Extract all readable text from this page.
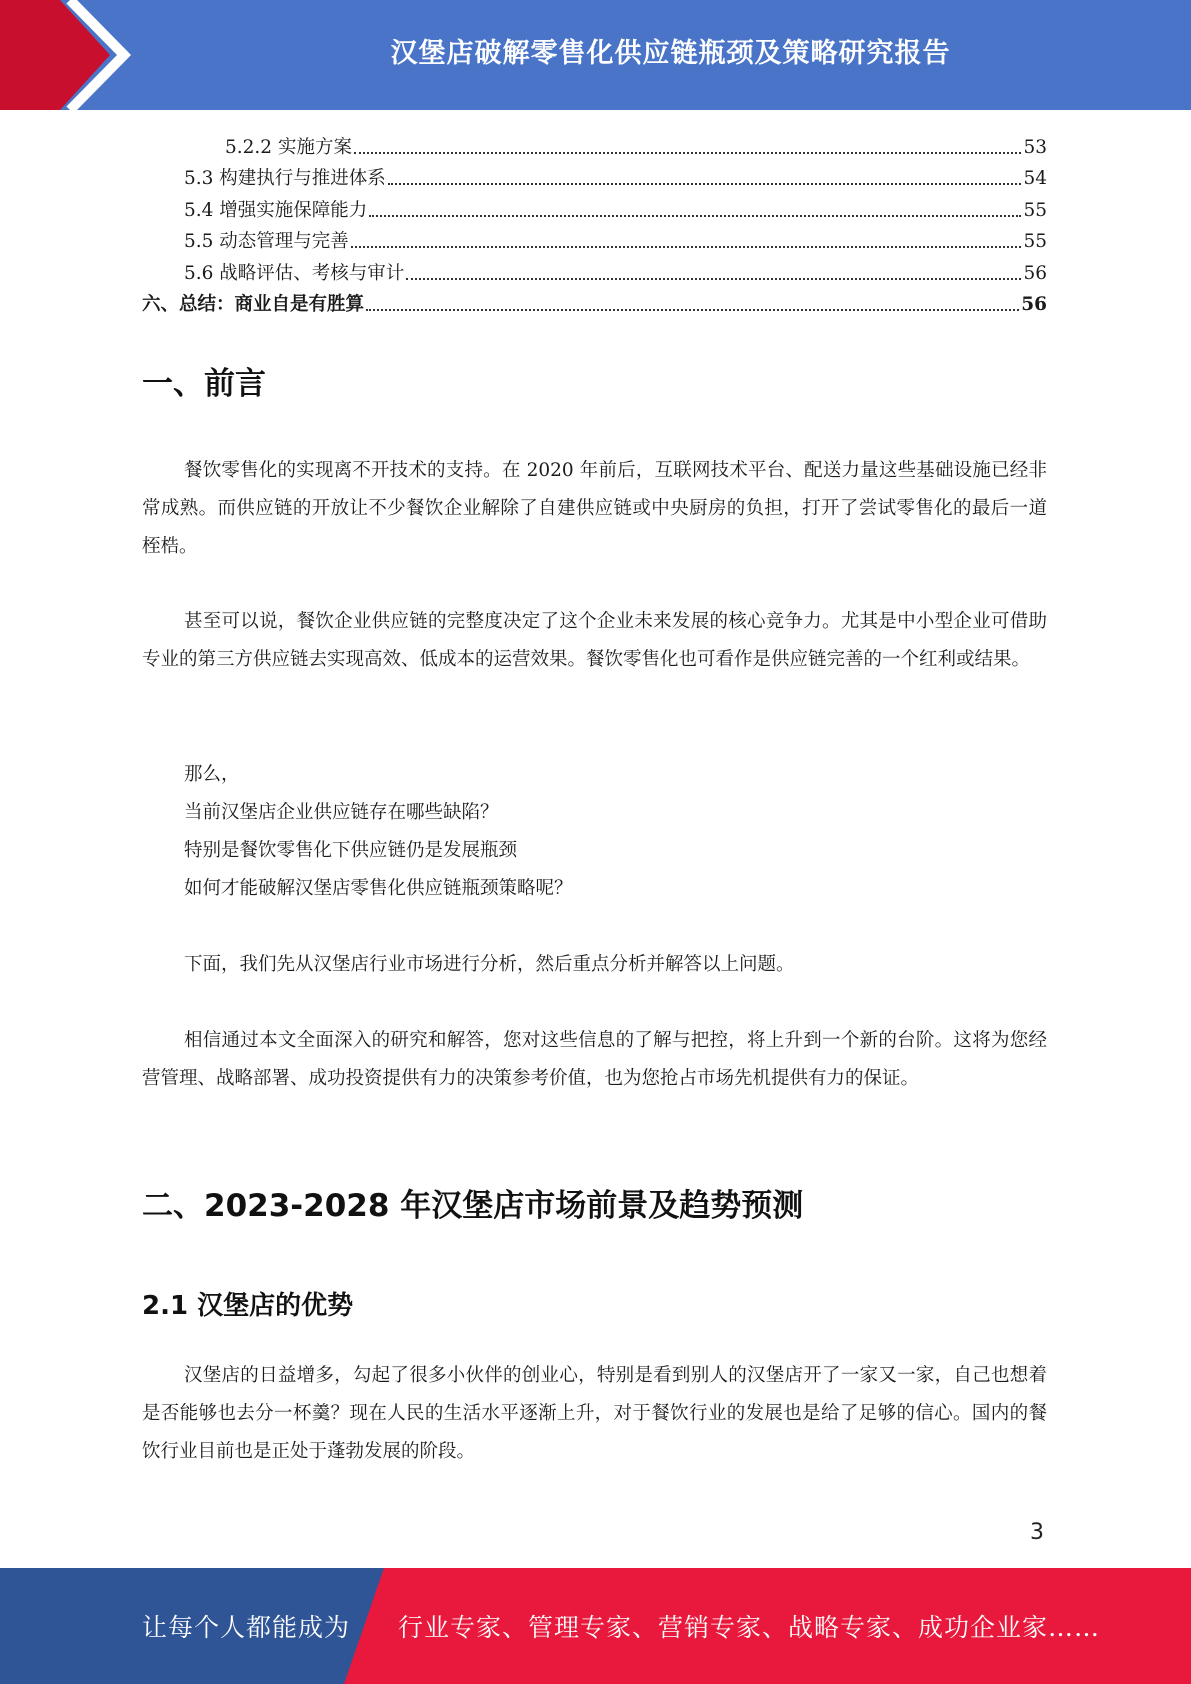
汉堡店破解零售化供应链瓶颈及策略研究报告
5.2.2 实施方案	53
5.3 构建执行与推进体系	54
5.4 增强实施保障能力	55
5.5 动态管理与完善	55
5.6 战略评估、考核与审计	56
六、总结：商业自是有胜算	56
一、前言

餐饮零售化的实现离不开技术的支持。在 2020 年前后，互联网技术平台、配送力量这些基础设施已经非常成熟。而供应链的开放让不少餐饮企业解除了自建供应链或中央厨房的负担，打开了尝试零售化的最后一道桎梏。

甚至可以说，餐饮企业供应链的完整度决定了这个企业未来发展的核心竞争力。尤其是中小型企业可借助专业的第三方供应链去实现高效、低成本的运营效果。餐饮零售化也可看作是供应链完善的一个红利或结果。

那么，
当前汉堡店企业供应链存在哪些缺陷？
特别是餐饮零售化下供应链仍是发展瓶颈
如何才能破解汉堡店零售化供应链瓶颈策略呢？

下面，我们先从汉堡店行业市场进行分析，然后重点分析并解答以上问题。

相信通过本文全面深入的研究和解答，您对这些信息的了解与把控，将上升到一个新的台阶。这将为您经营管理、战略部署、成功投资提供有力的决策参考价值，也为您抢占市场先机提供有力的保证。

二、2023-2028 年汉堡店市场前景及趋势预测
2.1 汉堡店的优势

汉堡店的日益增多，勾起了很多小伙伴的创业心，特别是看到别人的汉堡店开了一家又一家，自己也想着是否能够也去分一杯羹？现在人民的生活水平逐渐上升，对于餐饮行业的发展也是给了足够的信心。国内的餐饮行业目前也是正处于蓬勃发展的阶段。

3
让每个人都能成为 行业专家、管理专家、营销专家、战略专家、成功企业家……
